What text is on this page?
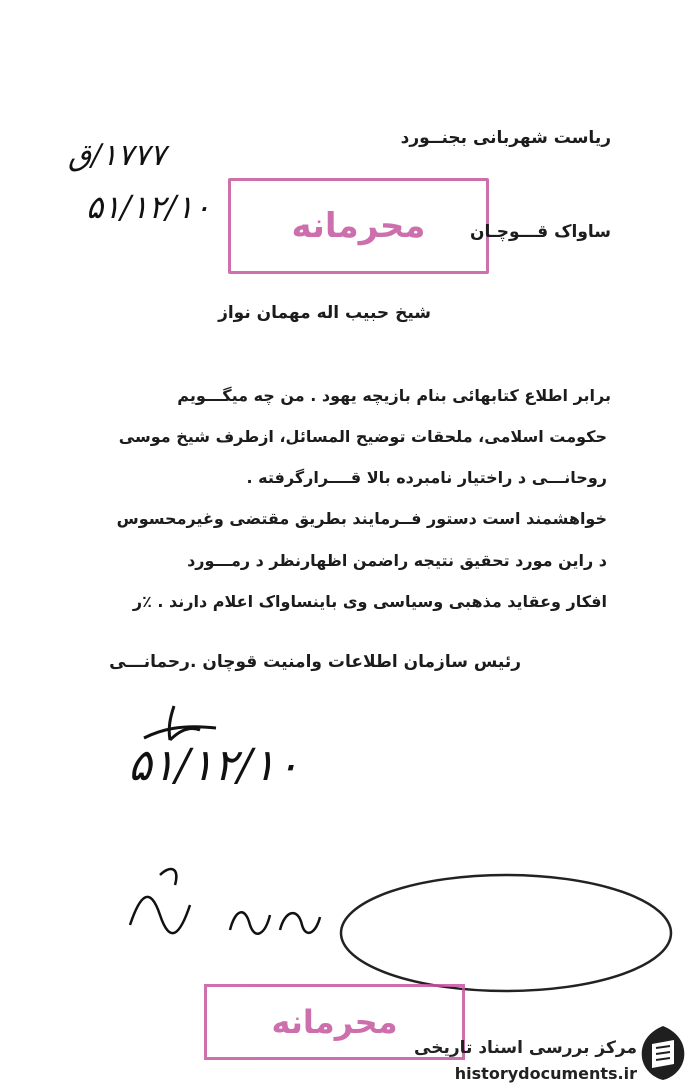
۱۷۷۷/ق
۵۱/۱۲/۱۰
ریاست شهربانی بجنــورد
محرمانه	ساواک قـــوچـان
شیخ حبیب اله مهمان نواز
برابر اطلاع کتابهائی بنام بازیچه یهود . من چه میگـــویم
حکومت اسلامی، ملحقات توضیح المسائل، ازطرف شیخ موسی
روحانـــی د راختیار نامبرده بالا قــــرارگرفته .
خواهشمند است دستور فــرمایند بطریق مقتضی وغیرمحسوس
د راین مورد تحقیق نتیجه راضمن اظهارنظر د رمـــورد
افکار وعقاید مذهبی وسیاسی وی باینساواک اعلام دارند . ٪ر
رئیس سازمان اطلاعات وامنیت قوچان .رحمانـــی
۵۱/۱۲/۱۰
محرمانه
مرکز بررسی اسناد تاریخی
historydocuments.ir
